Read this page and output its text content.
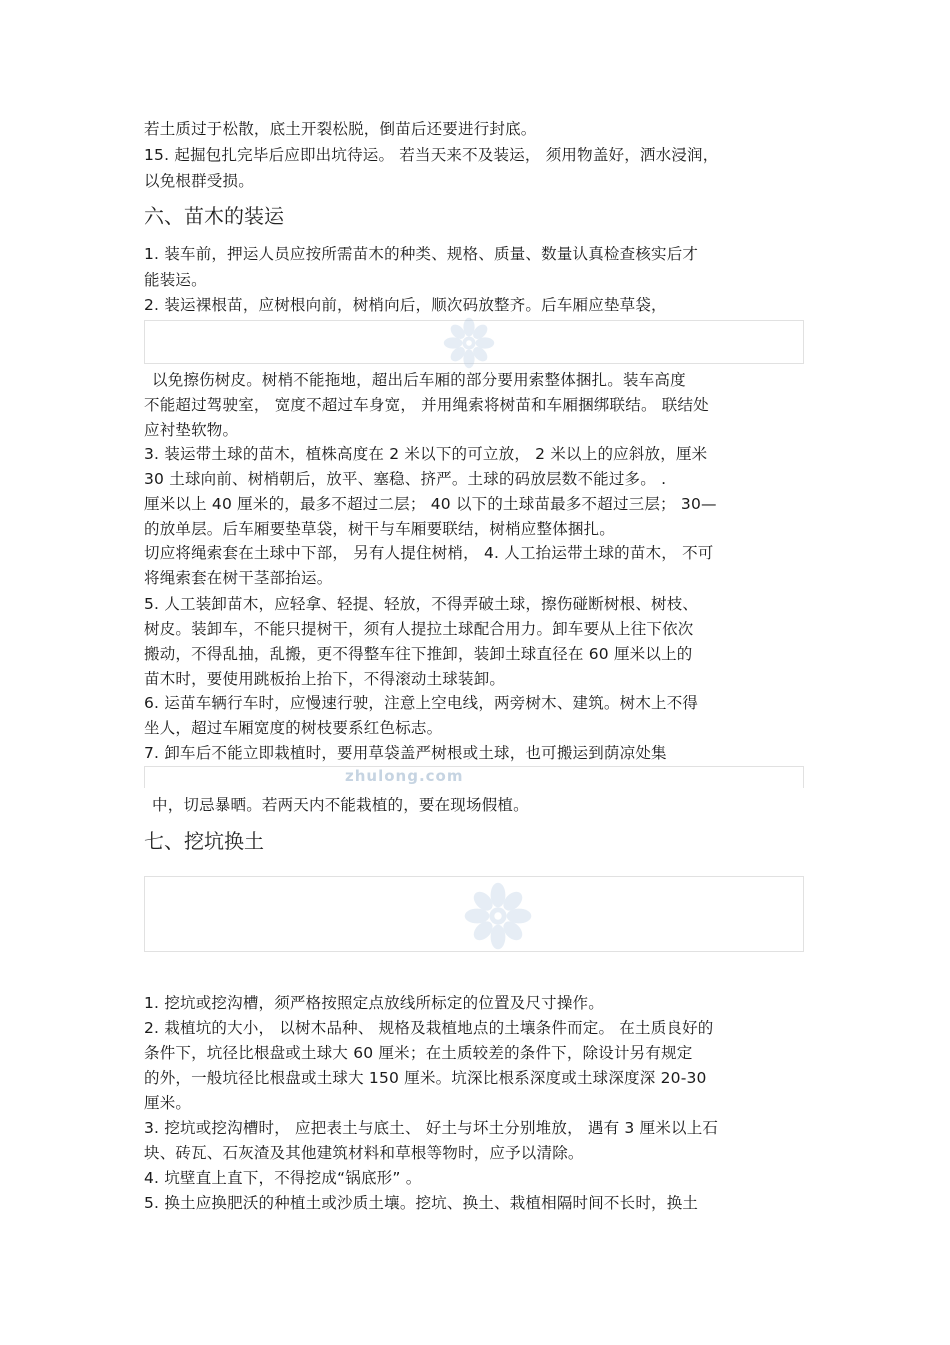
若土质过于松散，底土开裂松脱，倒苗后还要进行封底。
15. 起掘包扎完毕后应即出坑待运。 若当天来不及装运， 须用物盖好，洒水浸润，
以免根群受损。
六、苗木的装运
1. 装车前，押运人员应按所需苗木的种类、规格、质量、数量认真检查核实后才
能装运。
2. 装运裸根苗，应树根向前，树梢向后，顺次码放整齐。后车厢应垫草袋，
以免擦伤树皮。树梢不能拖地，超出后车厢的部分要用索整体捆扎。装车高度
不能超过驾驶室， 宽度不超过车身宽， 并用绳索将树苗和车厢捆绑联结。 联结处
应衬垫软物。
3. 装运带土球的苗木，植株高度在 2 米以下的可立放， 2 米以上的应斜放，厘米
30 土球向前、树梢朝后，放平、塞稳、挤严。土球的码放层数不能过多。 .
厘米以上 40 厘米的，最多不超过二层； 40 以下的土球苗最多不超过三层； 30—
的放单层。后车厢要垫草袋，树干与车厢要联结，树梢应整体捆扎。
切应将绳索套在土球中下部， 另有人提住树梢， 4. 人工抬运带土球的苗木， 不可
将绳索套在树干茎部抬运。
5. 人工装卸苗木，应轻拿、轻提、轻放，不得弄破土球，擦伤碰断树根、树枝、
树皮。装卸车，不能只提树干，须有人提拉土球配合用力。卸车要从上往下依次
搬动，不得乱抽，乱搬，更不得整车往下推卸，装卸土球直径在 60 厘米以上的
苗木时，要使用跳板抬上抬下，不得滚动土球装卸。
6. 运苗车辆行车时，应慢速行驶，注意上空电线，两旁树木、建筑。树木上不得
坐人，超过车厢宽度的树枝要系红色标志。
7. 卸车后不能立即栽植时，要用草袋盖严树根或土球，也可搬运到荫凉处集
zhulong.com
中，切忌暴晒。若两天内不能栽植的，要在现场假植。
七、挖坑换土
1. 挖坑或挖沟槽，须严格按照定点放线所标定的位置及尺寸操作。
2. 栽植坑的大小， 以树木品种、 规格及栽植地点的土壤条件而定。 在土质良好的
条件下，坑径比根盘或土球大 60 厘米；在土质较差的条件下，除设计另有规定
的外，一般坑径比根盘或土球大 150 厘米。坑深比根系深度或土球深度深 20-30
厘米。
3. 挖坑或挖沟槽时， 应把表土与底土、 好土与坏土分别堆放， 遇有 3 厘米以上石
块、砖瓦、石灰渣及其他建筑材料和草根等物时，应予以清除。
4. 坑壁直上直下，不得挖成“锅底形” 。
5. 换土应换肥沃的种植土或沙质土壤。挖坑、换土、栽植相隔时间不长时，换土
